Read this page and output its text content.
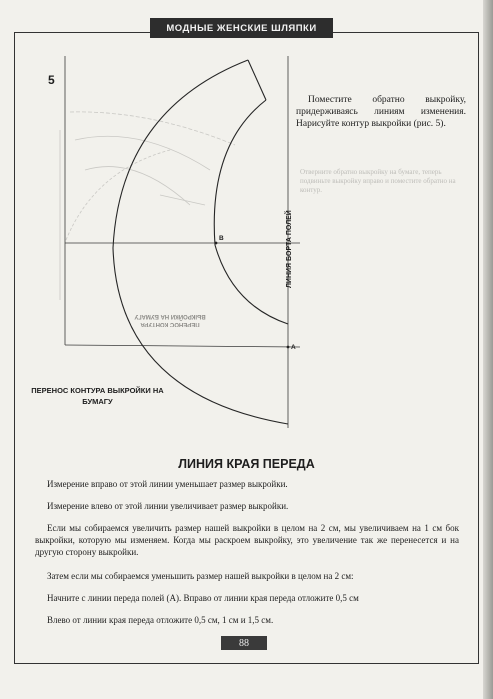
МОДНЫЕ ЖЕНСКИЕ ШЛЯПКИ
5
В
А
ЛИНИЯ БОРТА ПОЛЕЙ
ПЕРЕНОС КОНТУРА ВЫКРОЙКИ НА БУМАГУ
ПЕРЕНОС КОНТУРА ВЫКРОЙКИ НА БУМАГУ
Поместите обратно выкройку, придерживаясь линиям изменения. Нарисуйте контур выкройки (рис. 5).
Отверните обратно выкройку на бумаге, теперь подвиньте выкройку вправо и поместите обратно на контур.
ЛИНИЯ КРАЯ ПЕРЕДА
Измерение вправо от этой линии уменьшает размер выкройки.
Измерение влево от этой линии увеличивает размер выкройки.
Если мы собираемся увеличить размер нашей выкройки в целом на 2 см, мы увеличиваем на 1 см бок выкройки, которую мы изменяем. Когда мы раскроем выкройку, это увеличение так же перенесется и на другую сторону выкройки.
Затем если мы собираемся уменьшить размер нашей выкройки в целом на 2 см:
Начните с линии переда полей (А). Вправо от линии края переда отложите 0,5 см
Влево от линии края переда отложите 0,5 см, 1 см и 1,5 см.
88
